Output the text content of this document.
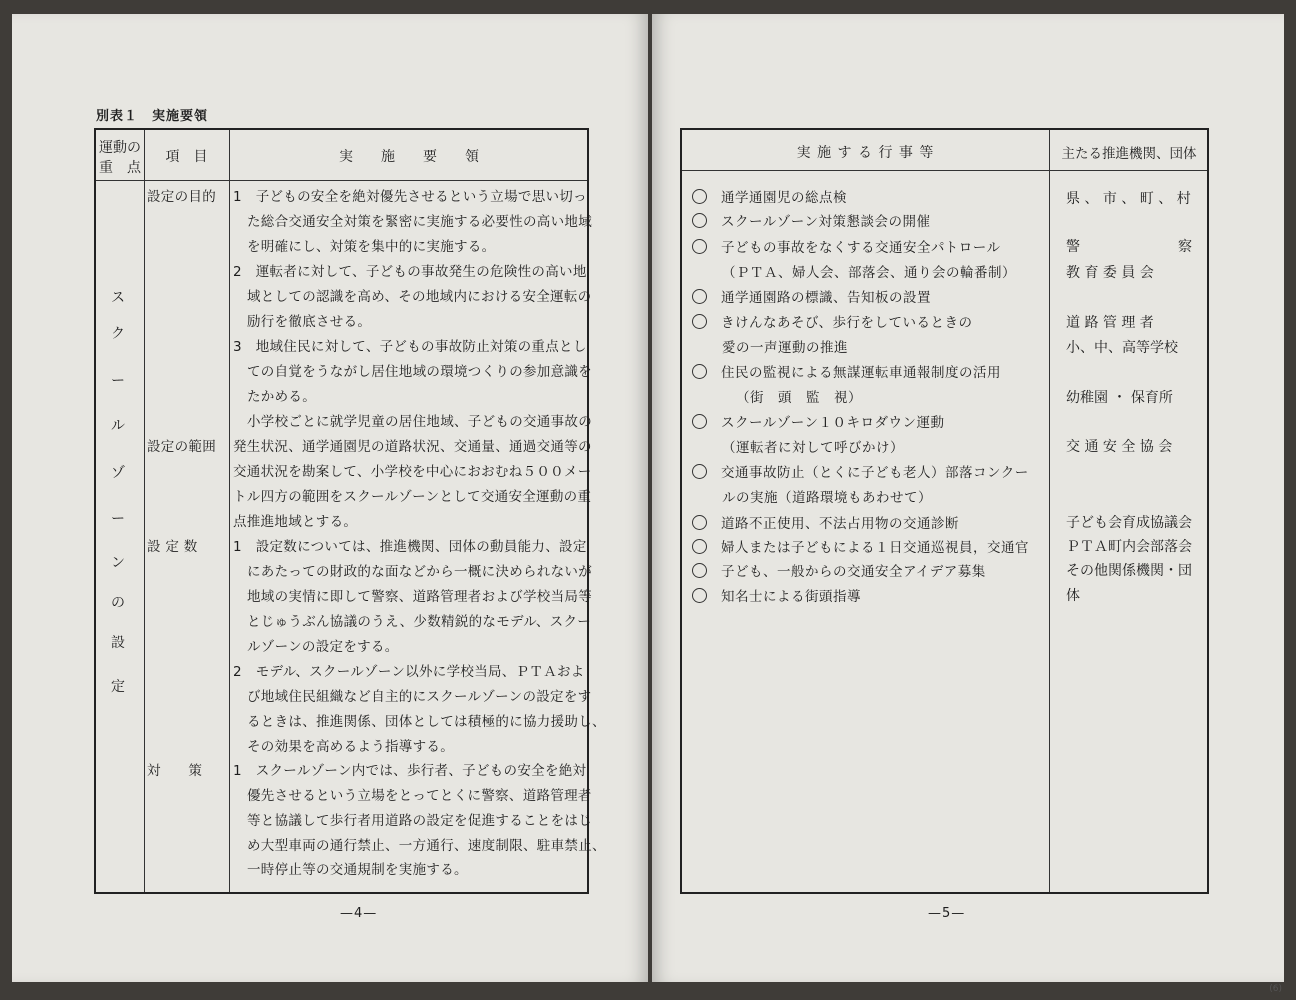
別表１　実施要領
運動の
重　点
項　目	実　　施　　要　　領
ス
ク
ー
ル
ゾ
ー
ン
の
設
定
設定の目的
設定の範囲
設 定 数
対　　策
1　子どもの安全を絶対優先させるという立場で思い切っ
た総合交通安全対策を緊密に実施する必要性の高い地域
を明確にし、対策を集中的に実施する。
2　運転者に対して、子どもの事故発生の危険性の高い地
域としての認識を高め、その地域内における安全運転の
励行を徹底させる。
3　地域住民に対して、子どもの事故防止対策の重点とし
ての自覚をうながし居住地域の環境つくりの参加意識を
たかめる。
小学校ごとに就学児童の居住地域、子どもの交通事故の
発生状況、通学通園児の道路状況、交通量、通過交通等の
交通状況を勘案して、小学校を中心におおむね５００メー
トル四方の範囲をスクールゾーンとして交通安全運動の重
点推進地域とする。
1　設定数については、推進機関、団体の動員能力、設定
にあたっての財政的な面などから一概に決められないが
地域の実情に即して警察、道路管理者および学校当局等
とじゅうぶん協議のうえ、少数精鋭的なモデル、スクー
ルゾーンの設定をする。
2　モデル、スクールゾーン以外に学校当局、ＰＴＡおよ
び地域住民組織など自主的にスクールゾーンの設定をす
るときは、推進関係、団体としては積極的に協力援助し、
その効果を高めるよう指導する。
1　スクールゾーン内では、歩行者、子どもの安全を絶対
優先させるという立場をとってとくに警察、道路管理者
等と協議して歩行者用道路の設定を促進することをはじ
め大型車両の通行禁止、一方通行、速度制限、駐車禁止、
一時停止等の交通規制を実施する。
—4—
実 施 す る 行 事 等	主たる推進機関、団体
通学通園児の総点検
スクールゾーン対策懇談会の開催
子どもの事故をなくする交通安全パトロール
（ＰＴＡ、婦人会、部落会、通り会の輪番制）
通学通園路の標識、告知板の設置
きけんなあそび、歩行をしているときの
愛の一声運動の推進
住民の監視による無謀運転車通報制度の活用
（街　頭　監　視）
スクールゾーン１０キロダウン運動
（運転者に対して呼びかけ）
交通事故防止（とくに子ども老人）部落コンクー
ルの実施（道路環境もあわせて）
道路不正使用、不法占用物の交通診断
婦人または子どもによる１日交通巡視員，交通官
子ども、一般からの交通安全アイデア募集
知名士による街頭指導
県 、 市 、 町 、 村
警　　　　　　　察
教 育 委 員 会
道 路 管 理 者
小、中、高等学校
幼稚園 ・ 保育所
交 通 安 全 協 会
子ども会育成協議会
ＰＴＡ町内会部落会
その他関係機関・団
体
—5—
(6)
